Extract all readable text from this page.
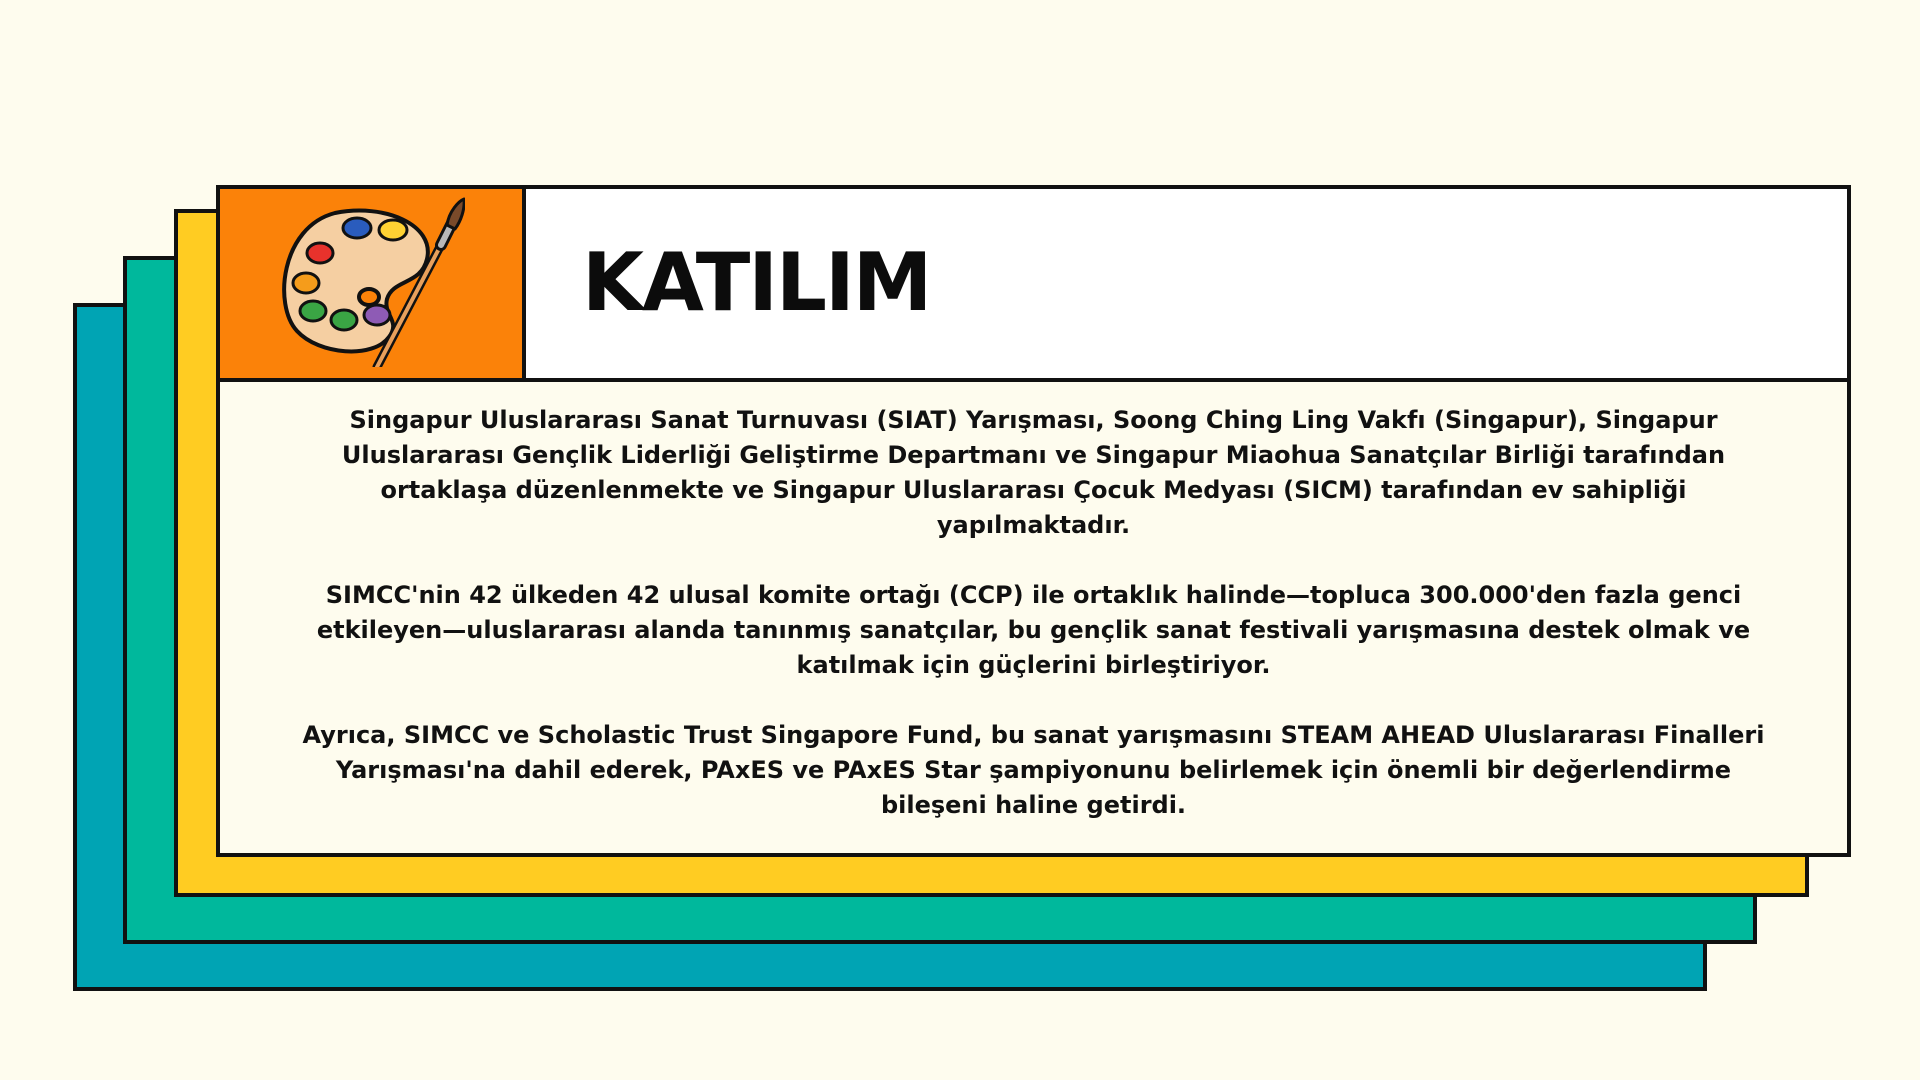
KATILIM

Singapur Uluslararası Sanat Turnuvası (SIAT) Yarışması, Soong Ching Ling Vakfı (Singapur), Singapur Uluslararası Gençlik Liderliği Geliştirme Departmanı ve Singapur Miaohua Sanatçılar Birliği tarafından ortaklaşa düzenlenmekte ve Singapur Uluslararası Çocuk Medyası (SICM) tarafından ev sahipliği yapılmaktadır.

SIMCC'nin 42 ülkeden 42 ulusal komite ortağı (CCP) ile ortaklık halinde—topluca 300.000'den fazla genci etkileyen—uluslararası alanda tanınmış sanatçılar, bu gençlik sanat festivali yarışmasına destek olmak ve katılmak için güçlerini birleştiriyor.

Ayrıca, SIMCC ve Scholastic Trust Singapore Fund, bu sanat yarışmasını STEAM AHEAD Uluslararası Finalleri Yarışması'na dahil ederek, PAxES ve PAxES Star şampiyonunu belirlemek için önemli bir değerlendirme bileşeni haline getirdi.
